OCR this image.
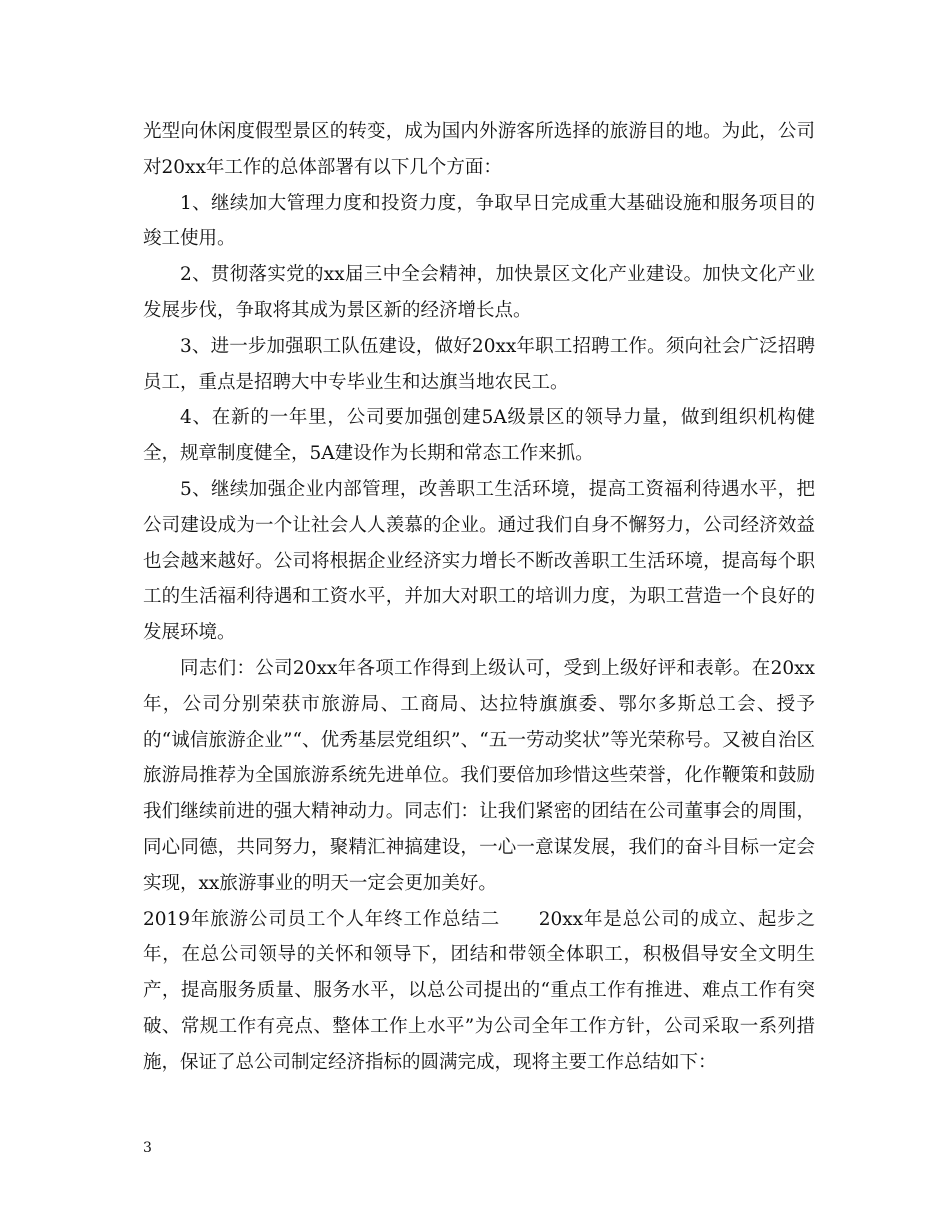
光型向休闲度假型景区的转变，成为国内外游客所选择的旅游目的地。为此，公司对20xx年工作的总体部署有以下几个方面：

1、继续加大管理力度和投资力度，争取早日完成重大基础设施和服务项目的竣工使用。

2、贯彻落实党的xx届三中全会精神，加快景区文化产业建设。加快文化产业发展步伐，争取将其成为景区新的经济增长点。

3、进一步加强职工队伍建设，做好20xx年职工招聘工作。须向社会广泛招聘员工，重点是招聘大中专毕业生和达旗当地农民工。

4、在新的一年里，公司要加强创建5A级景区的领导力量，做到组织机构健全，规章制度健全，5A建设作为长期和常态工作来抓。

5、继续加强企业内部管理，改善职工生活环境，提高工资福利待遇水平，把公司建设成为一个让社会人人羡慕的企业。通过我们自身不懈努力，公司经济效益也会越来越好。公司将根据企业经济实力增长不断改善职工生活环境，提高每个职工的生活福利待遇和工资水平，并加大对职工的培训力度，为职工营造一个良好的发展环境。

同志们：公司20xx年各项工作得到上级认可，受到上级好评和表彰。在20xx年，公司分别荣获市旅游局、工商局、达拉特旗旗委、鄂尔多斯总工会、授予的“诚信旅游企业”“、优秀基层党组织”、“五一劳动奖状”等光荣称号。又被自治区旅游局推荐为全国旅游系统先进单位。我们要倍加珍惜这些荣誉，化作鞭策和鼓励我们继续前进的强大精神动力。同志们：让我们紧密的团结在公司董事会的周围，同心同德，共同努力，聚精汇神搞建设，一心一意谋发展，我们的奋斗目标一定会实现，xx旅游事业的明天一定会更加美好。

2019年旅游公司员工个人年终工作总结二　　20xx年是总公司的成立、起步之年，在总公司领导的关怀和领导下，团结和带领全体职工，积极倡导安全文明生产，提高服务质量、服务水平，以总公司提出的“重点工作有推进、难点工作有突破、常规工作有亮点、整体工作上水平”为公司全年工作方针，公司采取一系列措施，保证了总公司制定经济指标的圆满完成，现将主要工作总结如下：

3
